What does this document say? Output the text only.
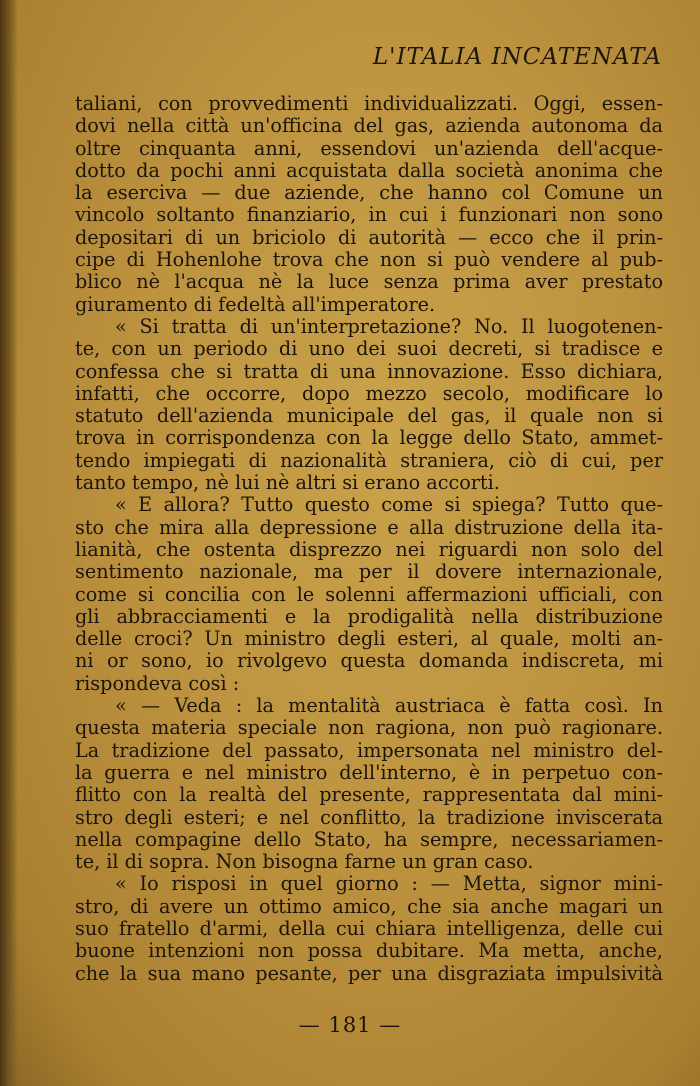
L'ITALIA INCATENATA
taliani, con provvedimenti individualizzati. Oggi, essen-
dovi nella città un'officina del gas, azienda autonoma da
oltre cinquanta anni, essendovi un'azienda dell'acque-
dotto da pochi anni acquistata dalla società anonima che
la eserciva — due aziende, che hanno col Comune un
vincolo soltanto finanziario, in cui i funzionari non sono
depositari di un briciolo di autorità — ecco che il prin-
cipe di Hohenlohe trova che non si può vendere al pub-
blico nè l'acqua nè la luce senza prima aver prestato
giuramento di fedeltà all'imperatore.
« Si tratta di un'interpretazione? No. Il luogotenen-
te, con un periodo di uno dei suoi decreti, si tradisce e
confessa che si tratta di una innovazione. Esso dichiara,
infatti, che occorre, dopo mezzo secolo, modificare lo
statuto dell'azienda municipale del gas, il quale non si
trova in corrispondenza con la legge dello Stato, ammet-
tendo impiegati di nazionalità straniera, ciò di cui, per
tanto tempo, nè lui nè altri si erano accorti.
« E allora? Tutto questo come si spiega? Tutto que-
sto che mira alla depressione e alla distruzione della ita-
lianità, che ostenta disprezzo nei riguardi non solo del
sentimento nazionale, ma per il dovere internazionale,
come si concilia con le solenni affermazioni ufficiali, con
gli abbracciamenti e la prodigalità nella distribuzione
delle croci? Un ministro degli esteri, al quale, molti an-
ni or sono, io rivolgevo questa domanda indiscreta, mi
rispondeva così :
« — Veda : la mentalità austriaca è fatta così. In
questa materia speciale non ragiona, non può ragionare.
La tradizione del passato, impersonata nel ministro del-
la guerra e nel ministro dell'interno, è in perpetuo con-
flitto con la realtà del presente, rappresentata dal mini-
stro degli esteri; e nel conflitto, la tradizione inviscerata
nella compagine dello Stato, ha sempre, necessariamen-
te, il di sopra. Non bisogna farne un gran caso.
« Io risposi in quel giorno : — Metta, signor mini-
stro, di avere un ottimo amico, che sia anche magari un
suo fratello d'armi, della cui chiara intelligenza, delle cui
buone intenzioni non possa dubitare. Ma metta, anche,
che la sua mano pesante, per una disgraziata impulsività
— 181 —
